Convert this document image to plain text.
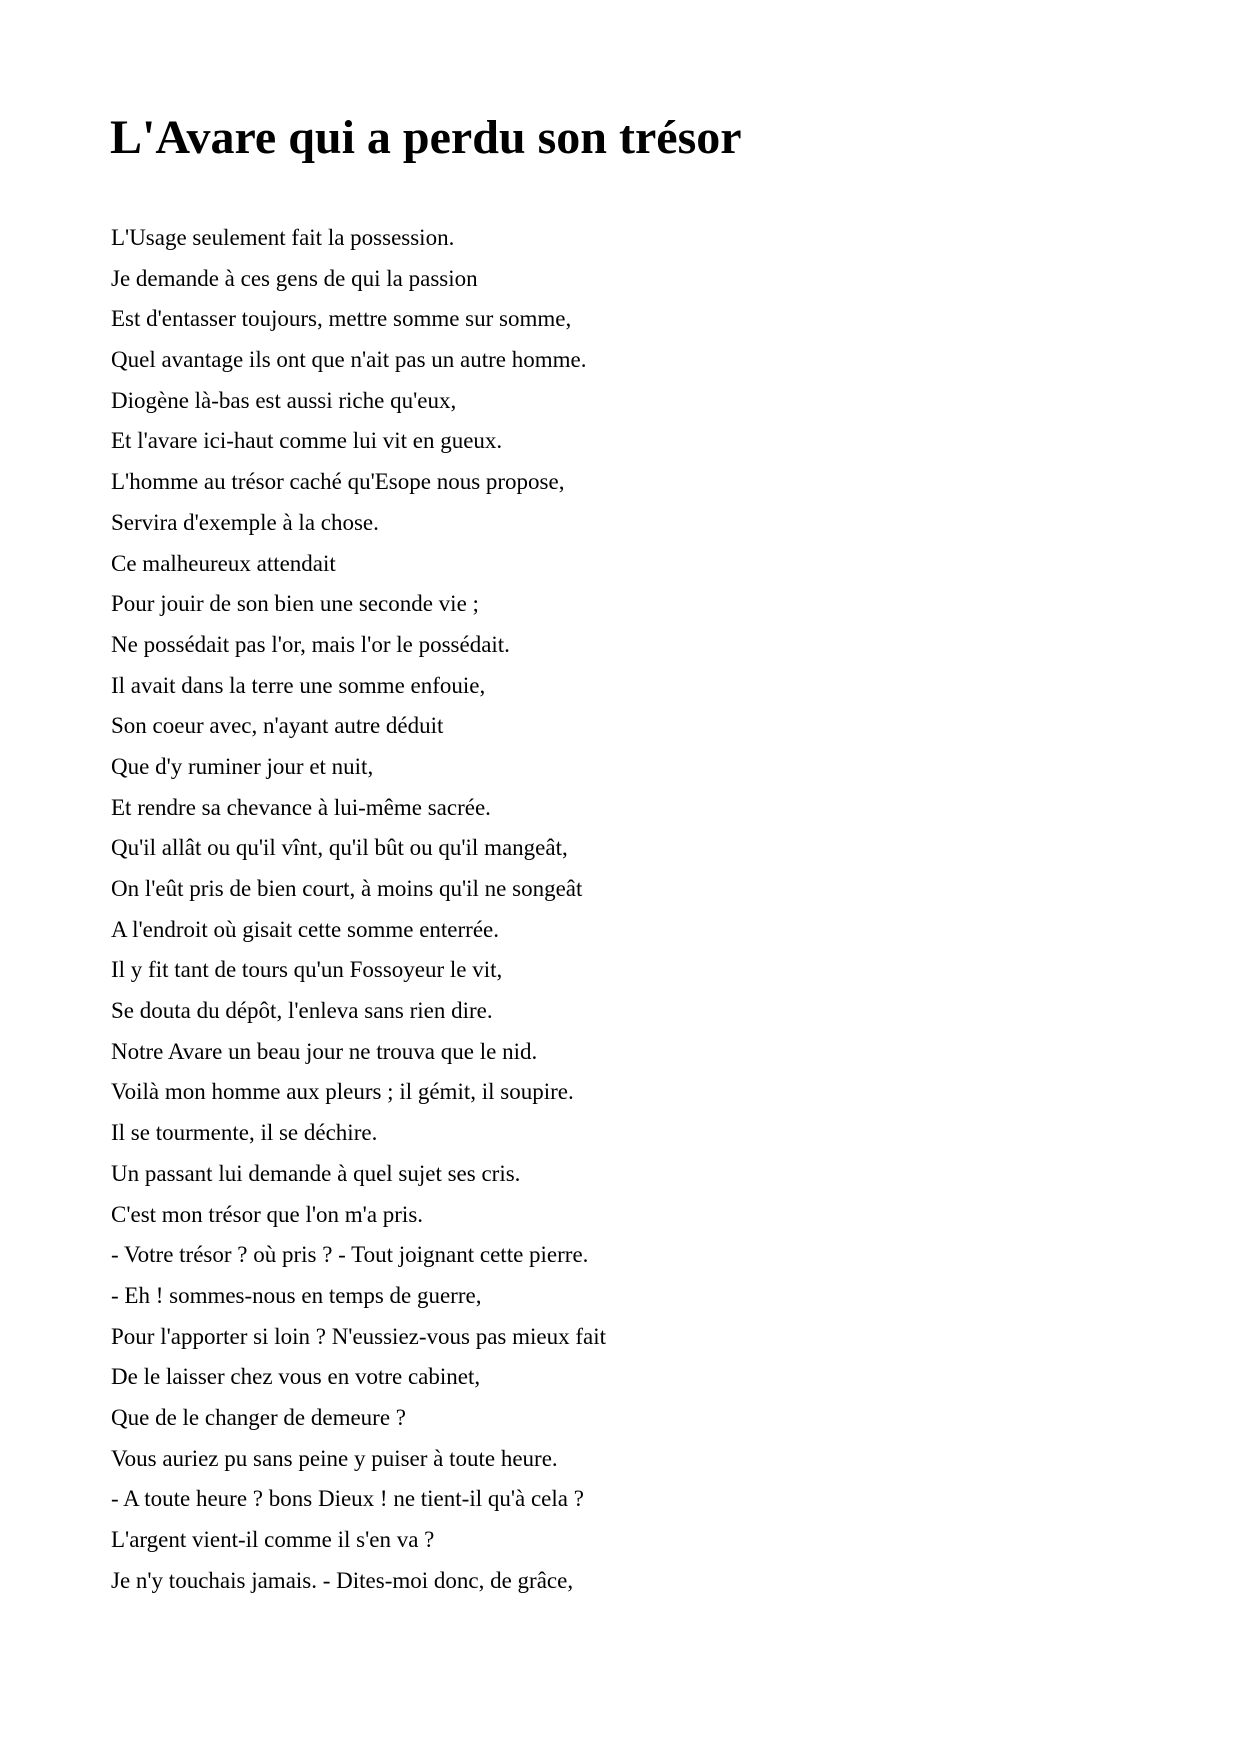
L'Avare qui a perdu son trésor
L'Usage seulement fait la possession.
Je demande à ces gens de qui la passion
Est d'entasser toujours, mettre somme sur somme,
Quel avantage ils ont que n'ait pas un autre homme.
Diogène là-bas est aussi riche qu'eux,
Et l'avare ici-haut comme lui vit en gueux.
L'homme au trésor caché qu'Esope nous propose,
Servira d'exemple à la chose.
Ce malheureux attendait
Pour jouir de son bien une seconde vie ;
Ne possédait pas l'or, mais l'or le possédait.
Il avait dans la terre une somme enfouie,
Son coeur avec, n'ayant autre déduit
Que d'y ruminer jour et nuit,
Et rendre sa chevance à lui-même sacrée.
Qu'il allât ou qu'il vînt, qu'il bût ou qu'il mangeât,
On l'eût pris de bien court, à moins qu'il ne songeât
A l'endroit où gisait cette somme enterrée.
Il y fit tant de tours qu'un Fossoyeur le vit,
Se douta du dépôt, l'enleva sans rien dire.
Notre Avare un beau jour ne trouva que le nid.
Voilà mon homme aux pleurs ; il gémit, il soupire.
Il se tourmente, il se déchire.
Un passant lui demande à quel sujet ses cris.
C'est mon trésor que l'on m'a pris.
- Votre trésor ? où pris ? - Tout joignant cette pierre.
- Eh ! sommes-nous en temps de guerre,
Pour l'apporter si loin ? N'eussiez-vous pas mieux fait
De le laisser chez vous en votre cabinet,
Que de le changer de demeure ?
Vous auriez pu sans peine y puiser à toute heure.
- A toute heure ? bons Dieux ! ne tient-il qu'à cela ?
L'argent vient-il comme il s'en va ?
Je n'y touchais jamais. - Dites-moi donc, de grâce,
